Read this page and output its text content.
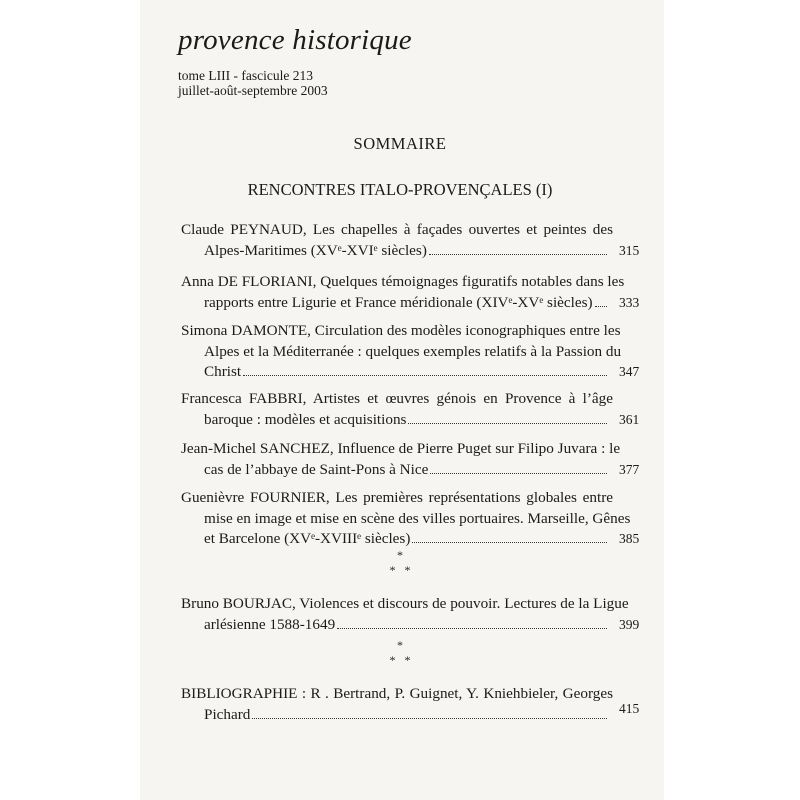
provence historique
tome LIII - fascicule 213
juillet-août-septembre 2003
SOMMAIRE
RENCONTRES ITALO-PROVENÇALES (I)
Claude PEYNAUD, Les chapelles à façades ouvertes et peintes des
Alpes-Maritimes (XVᵉ-XVIᵉ siècles)	315
Anna DE FLORIANI, Quelques témoignages figuratifs notables dans les
rapports entre Ligurie et France méridionale (XIVᵉ-XVᵉ siècles) 333
Simona DAMONTE, Circulation des modèles iconographiques entre les
Alpes et la Méditerranée : quelques exemples relatifs à la Passion du
Christ	347
Francesca FABBRI, Artistes et œuvres génois en Provence à l’âge
baroque : modèles et acquisitions	361
Jean-Michel SANCHEZ, Influence de Pierre Puget sur Filipo Juvara : le
cas de l’abbaye de Saint-Pons à Nice	377
Guenièvre FOURNIER, Les premières représentations globales entre
mise en image et mise en scène des villes portuaires. Marseille, Gênes
et Barcelone (XVᵉ-XVIIIᵉ siècles)	385
*
*   *
Bruno BOURJAC, Violences et discours de pouvoir. Lectures de la Ligue
arlésienne 1588-1649	399
*
*   *
BIBLIOGRAPHIE : R . Bertrand, P. Guignet, Y. Kniehbieler, Georges
Pichard	415
